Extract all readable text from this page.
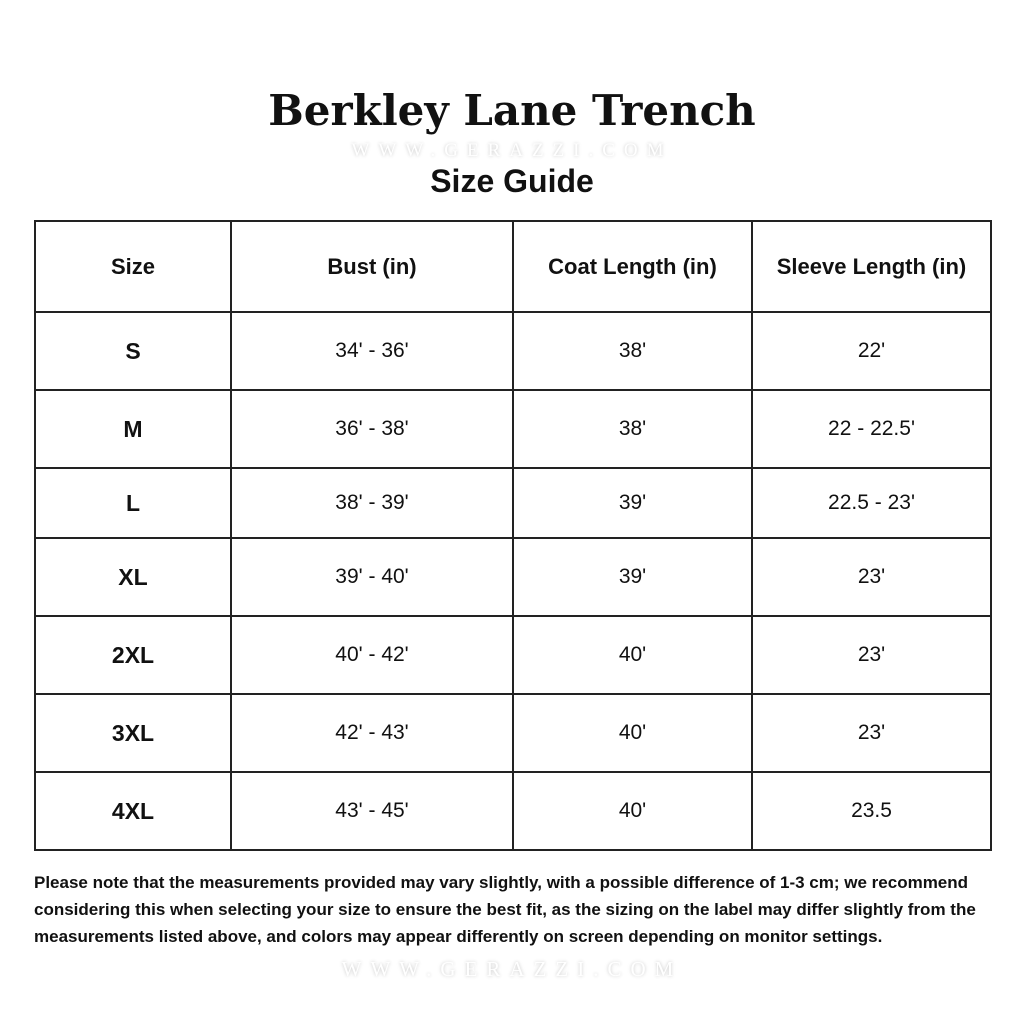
Berkley Lane Trench
WWW.GERAZZI.COM
Size Guide
Size	Bust (in)	Coat Length (in)	Sleeve Length (in)
S	34' - 36'	38'	22'
M	36' - 38'	38'	22 - 22.5'
L	38' - 39'	39'	22.5 - 23'
XL	39' - 40'	39'	23'
2XL	40' - 42'	40'	23'
3XL	42' - 43'	40'	23'
4XL	43' - 45'	40'	23.5
Please note that the measurements provided may vary slightly, with a possible difference of 1-3 cm; we recommend considering this when selecting your size to ensure the best fit, as the sizing on the label may differ slightly from the measurements listed above, and colors may appear differently on screen depending on monitor settings.
WWW.GERAZZI.COM
